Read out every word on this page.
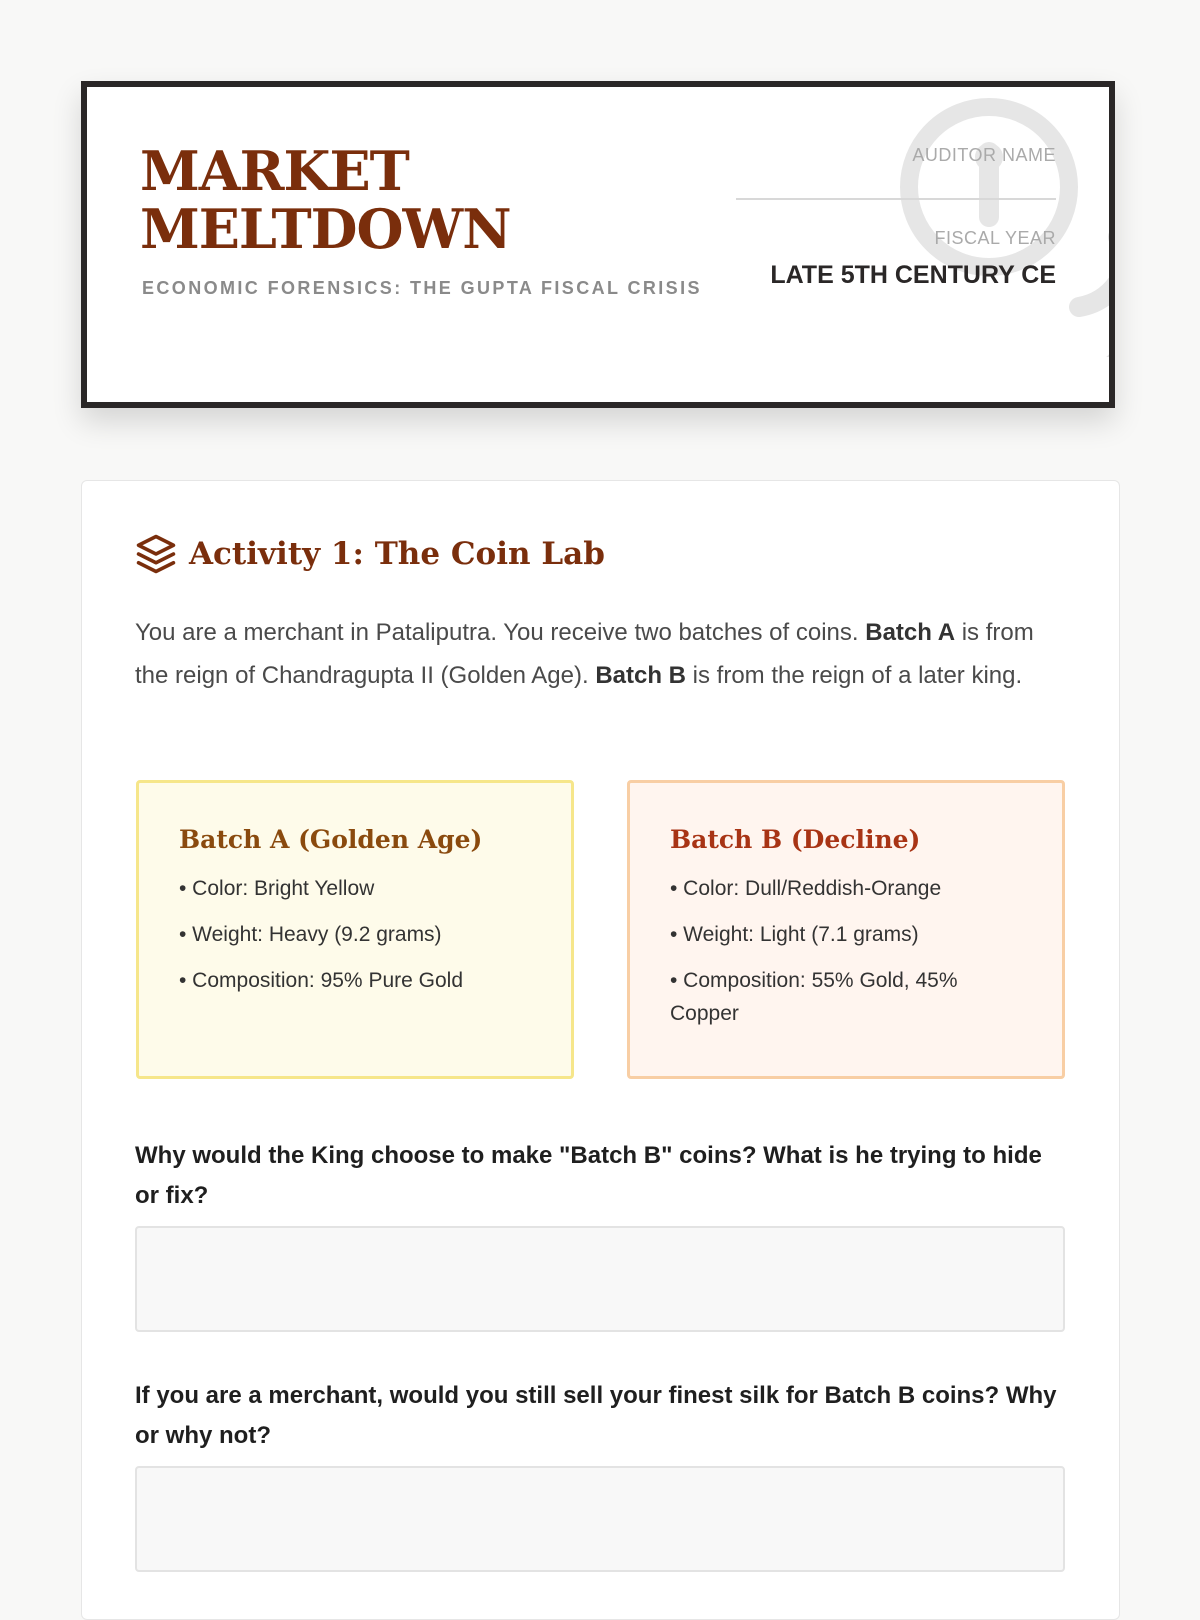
MARKET
MELTDOWN
ECONOMIC FORENSICS: THE GUPTA FISCAL CRISIS
AUDITOR NAME
FISCAL YEAR
LATE 5TH CENTURY CE
Activity 1: The Coin Lab

You are a merchant in Pataliputra. You receive two batches of coins. Batch A is from the reign of Chandragupta II (Golden Age). Batch B is from the reign of a later king.

Batch A (Golden Age)
• Color: Bright Yellow
• Weight: Heavy (9.2 grams)
• Composition: 95% Pure Gold
Batch B (Decline)
• Color: Dull/Reddish-Orange
• Weight: Light (7.1 grams)
• Composition: 55% Gold, 45% Copper

Why would the King choose to make "Batch B" coins? What is he trying to hide or fix?

If you are a merchant, would you still sell your finest silk for Batch B coins? Why or why not?
